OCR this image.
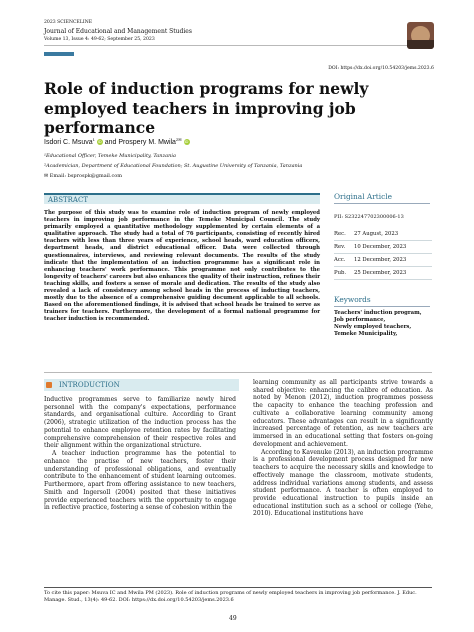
2023 SCIENCELINE
Journal of Educational and Management Studies
Volume 13, Issue 4: 49-62; September 25, 2023
DOI: https://dx.doi.org/10.54203/jems.2023.6
Role of induction programs for newly employed teachers in improving job performance
Isdori C. Msuva$^1$ iD and Prospery M. Mwila$^{2✉}$ iD
¹Educational Officer, Temeke Municipality, Tanzania
²Academician, Department of Educational Foundation; St. Augustine University of Tanzania, Tanzania
✉ Email: bsprospk@gmail.com
ABSTRACT
The purpose of this study was to examine role of induction program of newly employed teachers in improving job performance in the Temeke Municipal Council. The study primarily employed a quantitative methodology supplemented by certain elements of a qualitative approach. The study had a total of 76 participants, consisting of recently hired teachers with less than three years of experience, school heads, ward education officers, department heads, and district educational officer. Data were collected through questionnaires, interviews, and reviewing relevant documents. The results of the study indicate that the implementation of an induction programme has a significant role in enhancing teachers' work performance. This programme not only contributes to the longevity of teachers' careers but also enhances the quality of their instruction, refines their teaching skills, and fosters a sense of morale and dedication. The results of the study also revealed a lack of consistency among school heads in the process of inducting teachers, mostly due to the absence of a comprehensive guiding document applicable to all schools. Based on the aforementioned findings, it is advised that school heads be trained to serve as trainers for teachers. Furthermore, the development of a formal national programme for teacher induction is recommended.
Original Article
PII: S232247702300006-13
Rec.	27 August, 2023
Rev.	10 December, 2023
Acc.	12 December, 2023
Pub.	25 December, 2023
Keywords
Teachers' induction program,
Job performance,
Newly employed teachers,
Temeke Municipality,
INTRODUCTION

Inductive programmes serve to familiarize newly hired personnel with the company's expectations, performance standards, and organisational culture. According to Grant (2006), strategic utilization of the induction process has the potential to enhance employee retention rates by facilitating comprehensive comprehension of their respective roles and their alignment within the organizational structure.

A teacher induction programme has the potential to enhance the practise of new teachers, foster their understanding of professional obligations, and eventually contribute to the enhancement of student learning outcomes. Furthermore, apart from offering assistance to new teachers, Smith and Ingersoll (2004) posited that these initiatives provide experienced teachers with the opportunity to engage in reflective practice, fostering a sense of cohesion within the

learning community as all participants strive towards a shared objective: enhancing the calibre of education. As noted by Menon (2012), induction programmes possess the capacity to enhance the teaching profession and cultivate a collaborative learning community among educators. These advantages can result in a significantly increased percentage of retention, as new teachers are immersed in an educational setting that fosters on-going development and achievement.

According to Kavenuke (2013), an induction programme is a professional development process designed for new teachers to acquire the necessary skills and knowledge to effectively manage the classroom, motivate students, address individual variations among students, and assess student performance. A teacher is often employed to provide educational instruction to pupils inside an educational institution such as a school or college (Yehe, 2010). Educational institutions have

To cite this paper: Msuva IC and Mwila PM (2023). Role of induction programs of newly employed teachers in improving job performance. J. Educ. Manage. Stud., 13(4): 49-62. DOI: https://dx.doi.org/10.54203/jems.2023.6
49
